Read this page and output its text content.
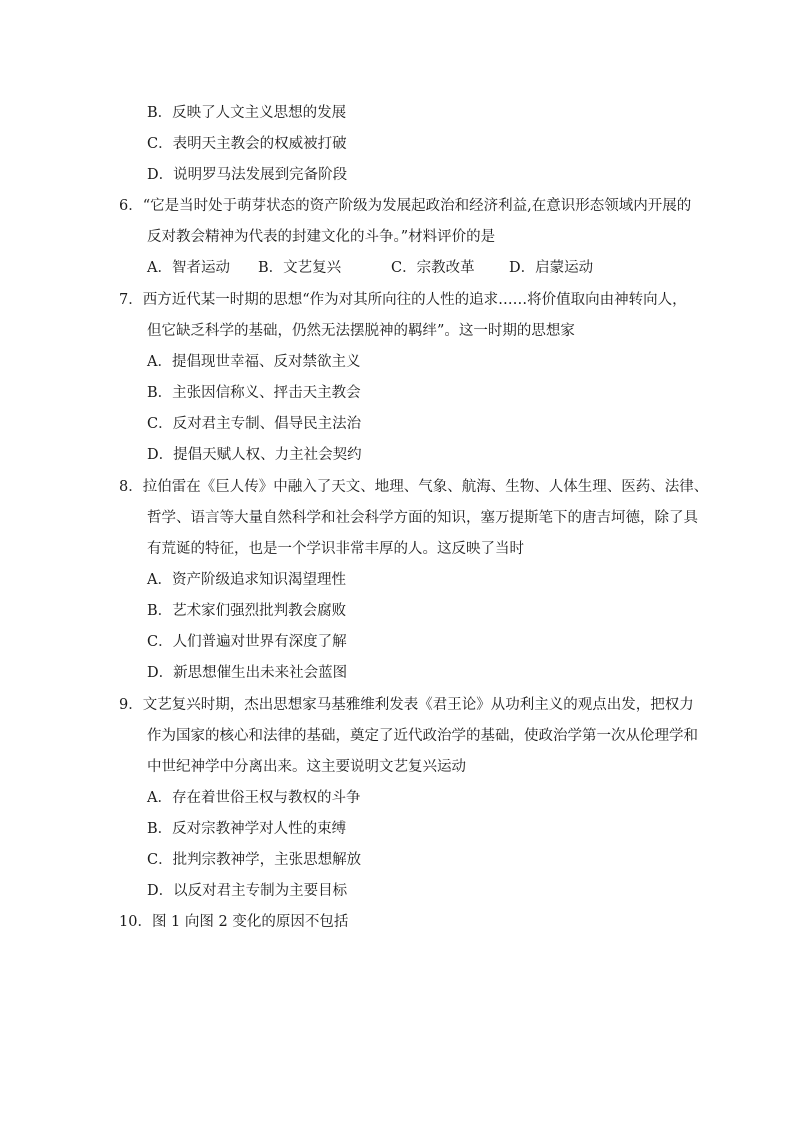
B．反映了人文主义思想的发展
C．表明天主教会的权威被打破
D．说明罗马法发展到完备阶段
6．“它是当时处于萌芽状态的资产阶级为发展起政治和经济利益,在意识形态领域内开展的
反对教会精神为代表的封建文化的斗争。”材料评价的是
A．智者运动 B．文艺复兴	C．宗教改革 D．启蒙运动
7．西方近代某一时期的思想“作为对其所向往的人性的追求……将价值取向由神转向人，
但它缺乏科学的基础，仍然无法摆脱神的羁绊”。这一时期的思想家
A．提倡现世幸福、反对禁欲主义
B．主张因信称义、抨击天主教会
C．反对君主专制、倡导民主法治
D．提倡天赋人权、力主社会契约
8．拉伯雷在《巨人传》中融入了天文、地理、气象、航海、生物、人体生理、医药、法律、
哲学、语言等大量自然科学和社会科学方面的知识，塞万提斯笔下的唐吉坷德，除了具
有荒诞的特征，也是一个学识非常丰厚的人。这反映了当时
A．资产阶级追求知识渴望理性
B．艺术家们强烈批判教会腐败
C．人们普遍对世界有深度了解
D．新思想催生出未来社会蓝图
9．文艺复兴时期，杰出思想家马基雅维利发表《君王论》从功利主义的观点出发，把权力
作为国家的核心和法律的基础，奠定了近代政治学的基础，使政治学第一次从伦理学和
中世纪神学中分离出来。这主要说明文艺复兴运动
A．存在着世俗王权与教权的斗争
B．反对宗教神学对人性的束缚
C．批判宗教神学，主张思想解放
D．以反对君主专制为主要目标
10．图 1 向图 2 变化的原因不包括
